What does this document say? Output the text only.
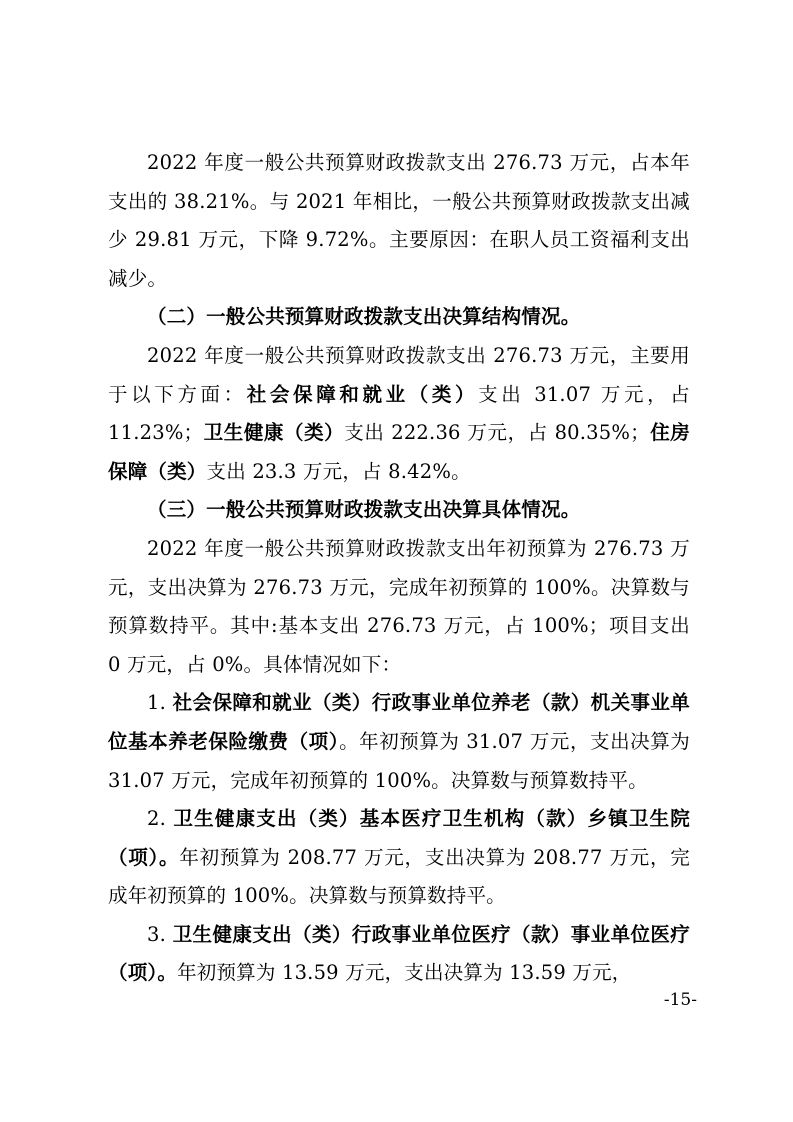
2022 年度一般公共预算财政拨款支出 276.73 万元，占本年支出的 38.21%。与 2021 年相比，一般公共预算财政拨款支出减少 29.81 万元，下降 9.72%。主要原因：在职人员工资福利支出减少。

（二）一般公共预算财政拨款支出决算结构情况。

2022 年度一般公共预算财政拨款支出 276.73 万元，主要用于以下方面：社会保障和就业（类）支出 31.07 万元，占 11.23%；卫生健康（类）支出 222.36 万元，占 80.35%；住房保障（类）支出 23.3 万元，占 8.42%。

（三）一般公共预算财政拨款支出决算具体情况。

2022 年度一般公共预算财政拨款支出年初预算为 276.73 万元，支出决算为 276.73 万元，完成年初预算的 100%。决算数与预算数持平。其中:基本支出 276.73 万元，占 100%；项目支出 0 万元，占 0%。具体情况如下：

1. 社会保障和就业（类）行政事业单位养老（款）机关事业单位基本养老保险缴费（项）。年初预算为 31.07 万元，支出决算为 31.07 万元，完成年初预算的 100%。决算数与预算数持平。

2. 卫生健康支出（类）基本医疗卫生机构（款）乡镇卫生院（项）。年初预算为 208.77 万元，支出决算为 208.77 万元，完成年初预算的 100%。决算数与预算数持平。

3. 卫生健康支出（类）行政事业单位医疗（款）事业单位医疗（项）。年初预算为 13.59 万元，支出决算为 13.59 万元，

-15-
